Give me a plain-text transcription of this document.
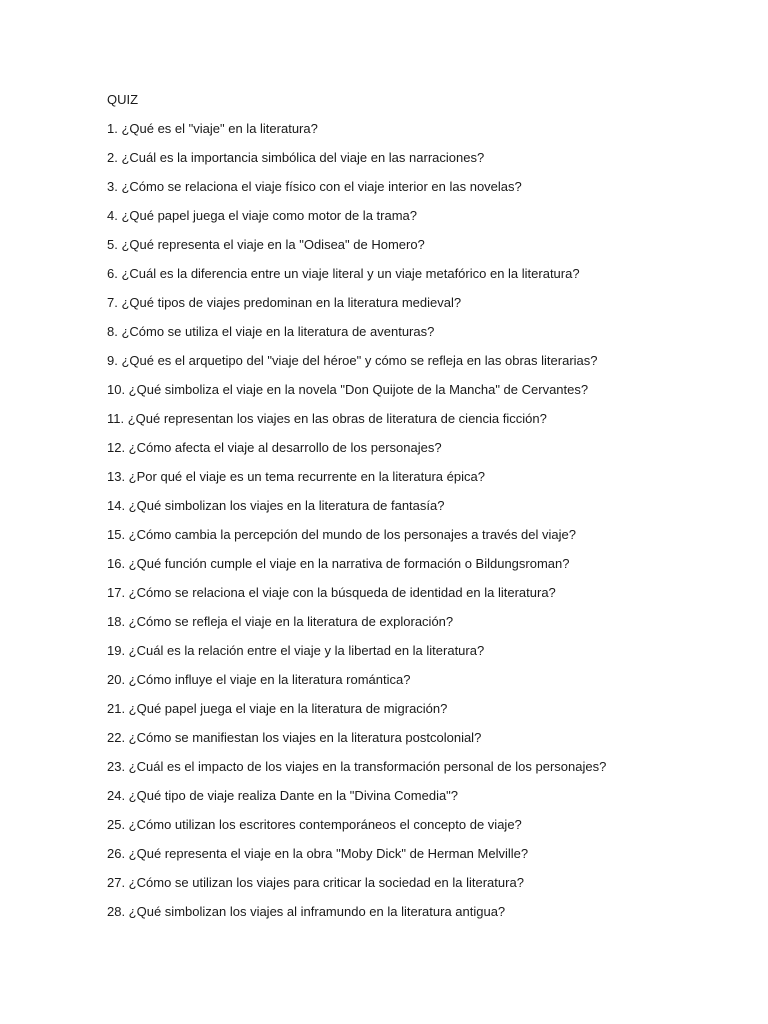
QUIZ
1. ¿Qué es el "viaje" en la literatura?
2. ¿Cuál es la importancia simbólica del viaje en las narraciones?
3. ¿Cómo se relaciona el viaje físico con el viaje interior en las novelas?
4. ¿Qué papel juega el viaje como motor de la trama?
5. ¿Qué representa el viaje en la "Odisea" de Homero?
6. ¿Cuál es la diferencia entre un viaje literal y un viaje metafórico en la literatura?
7. ¿Qué tipos de viajes predominan en la literatura medieval?
8. ¿Cómo se utiliza el viaje en la literatura de aventuras?
9. ¿Qué es el arquetipo del "viaje del héroe" y cómo se refleja en las obras literarias?
10. ¿Qué simboliza el viaje en la novela "Don Quijote de la Mancha" de Cervantes?
11. ¿Qué representan los viajes en las obras de literatura de ciencia ficción?
12. ¿Cómo afecta el viaje al desarrollo de los personajes?
13. ¿Por qué el viaje es un tema recurrente en la literatura épica?
14. ¿Qué simbolizan los viajes en la literatura de fantasía?
15. ¿Cómo cambia la percepción del mundo de los personajes a través del viaje?
16. ¿Qué función cumple el viaje en la narrativa de formación o Bildungsroman?
17. ¿Cómo se relaciona el viaje con la búsqueda de identidad en la literatura?
18. ¿Cómo se refleja el viaje en la literatura de exploración?
19. ¿Cuál es la relación entre el viaje y la libertad en la literatura?
20. ¿Cómo influye el viaje en la literatura romántica?
21. ¿Qué papel juega el viaje en la literatura de migración?
22. ¿Cómo se manifiestan los viajes en la literatura postcolonial?
23. ¿Cuál es el impacto de los viajes en la transformación personal de los personajes?
24. ¿Qué tipo de viaje realiza Dante en la "Divina Comedia"?
25. ¿Cómo utilizan los escritores contemporáneos el concepto de viaje?
26. ¿Qué representa el viaje en la obra "Moby Dick" de Herman Melville?
27. ¿Cómo se utilizan los viajes para criticar la sociedad en la literatura?
28. ¿Qué simbolizan los viajes al inframundo en la literatura antigua?
